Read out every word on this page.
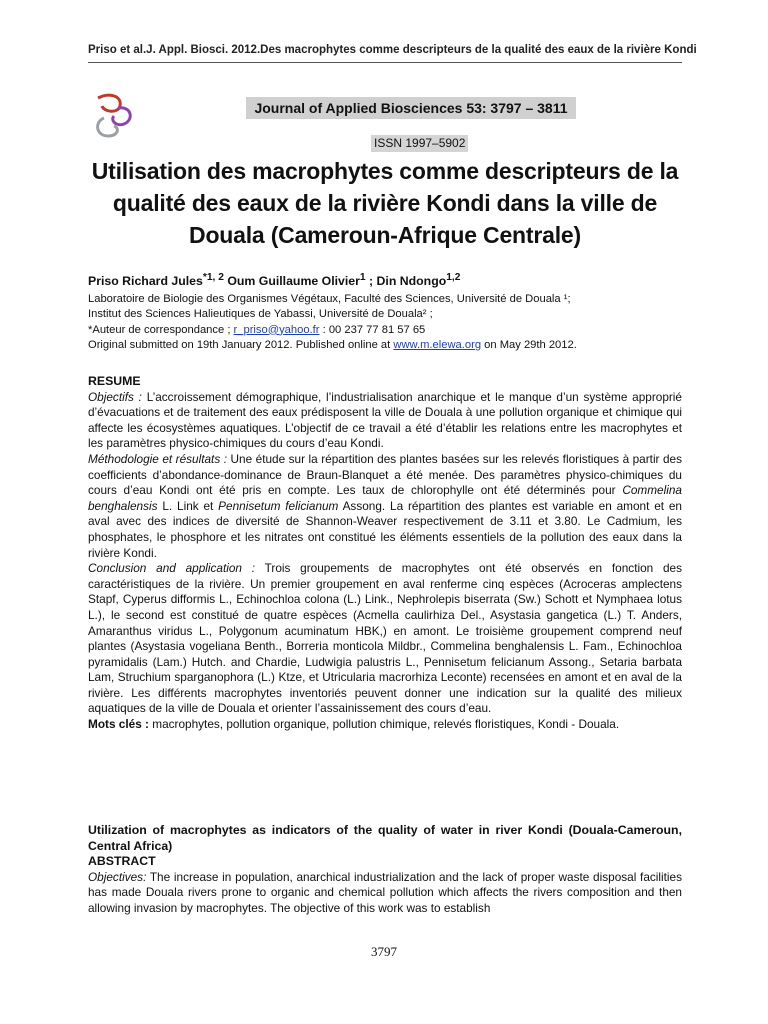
Priso et al. J. Appl. Biosci. 2012. Des macrophytes comme descripteurs de la qualité des eaux de la rivière Kondi
Journal of Applied Biosciences 53: 3797 – 3811
ISSN 1997–5902
Utilisation des macrophytes comme descripteurs de la qualité des eaux de la rivière Kondi dans la ville de Douala (Cameroun-Afrique Centrale)
Priso Richard Jules$^{*1, 2}$ Oum Guillaume Olivier$^1$ ; Din Ndongo$^{1,2}$
Laboratoire de Biologie des Organismes Végétaux, Faculté des Sciences, Université de Douala ¹;
Institut des Sciences Halieutiques de Yabassi, Université de Douala² ;
*Auteur de correspondance ; r_priso@yahoo.fr : 00 237 77 81 57 65
Original submitted on 19th January 2012. Published online at www.m.elewa.org on May 29th 2012.

RESUME

Objectifs : L’accroissement démographique, l’industrialisation anarchique et le manque d’un système approprié d’évacuations et de traitement des eaux prédisposent la ville de Douala à une pollution organique et chimique qui affecte les écosystèmes aquatiques. L’objectif de ce travail a été d’établir les relations entre les macrophytes et les paramètres physico-chimiques du cours d’eau Kondi.

Méthodologie et résultats : Une étude sur la répartition des plantes basées sur les relevés floristiques à partir des coefficients d’abondance-dominance de Braun-Blanquet a été menée. Des paramètres physico-chimiques du cours d’eau Kondi ont été pris en compte. Les taux de chlorophylle ont été déterminés pour Commelina benghalensis L. Link et Pennisetum felicianum Assong. La répartition des plantes est variable en amont et en aval avec des indices de diversité de Shannon-Weaver respectivement de 3.11 et 3.80. Le Cadmium, les phosphates, le phosphore et les nitrates ont constitué les éléments essentiels de la pollution des eaux dans la rivière Kondi.

Conclusion and application : Trois groupements de macrophytes ont été observés en fonction des caractéristiques de la rivière. Un premier groupement en aval renferme cinq espèces (Acroceras amplectens Stapf, Cyperus difformis L., Echinochloa colona (L.) Link., Nephrolepis biserrata (Sw.) Schott et Nymphaea lotus L.), le second est constitué de quatre espèces (Acmella caulirhiza Del., Asystasia gangetica (L.) T. Anders, Amaranthus viridus L., Polygonum acuminatum HBK,) en amont. Le troisième groupement comprend neuf plantes (Asystasia vogeliana Benth., Borreria monticola Mildbr., Commelina benghalensis L. Fam., Echinochloa pyramidalis (Lam.) Hutch. and Chardie, Ludwigia palustris L., Pennisetum felicianum Assong., Setaria barbata Lam, Struchium sparganophora (L.) Ktze, et Utricularia macrorhiza Leconte) recensées en amont et en aval de la rivière. Les différents macrophytes inventoriés peuvent donner une indication sur la qualité des milieux aquatiques de la ville de Douala et orienter l’assainissement des cours d’eau.

Mots clés : macrophytes, pollution organique, pollution chimique, relevés floristiques, Kondi - Douala.

Utilization of macrophytes as indicators of the quality of water in river Kondi (Douala-Cameroun, Central Africa)

ABSTRACT

Objectives: The increase in population, anarchical industrialization and the lack of proper waste disposal facilities has made Douala rivers prone to organic and chemical pollution which affects the rivers composition and then allowing invasion by macrophytes. The objective of this work was to establish

3797
